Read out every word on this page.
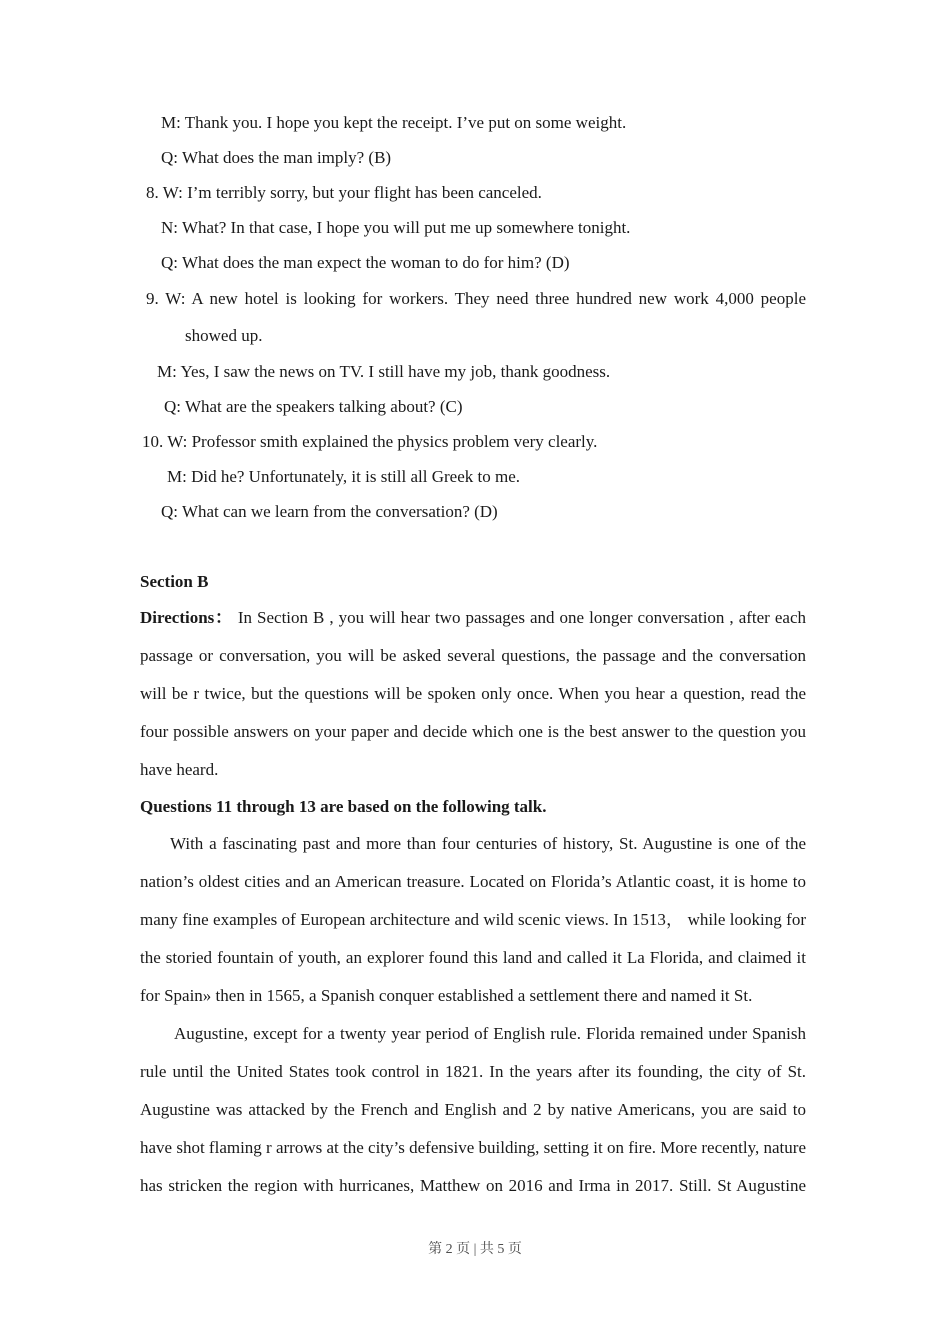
M: Thank you. I hope you kept the receipt. I’ve put on some weight.
Q: What does the man imply? (B)
8. W: I’m terribly sorry, but your flight has been canceled.
N: What? In that case, I hope you will put me up somewhere tonight.
Q: What does the man expect the woman to do for him? (D)
9. W: A new hotel is looking for workers. They need three hundred new work 4,000 people showed up.
M: Yes, I saw the news on TV. I still have my job, thank goodness.
Q: What are the speakers talking about? (C)
10. W: Professor smith explained the physics problem very clearly.
M: Did he? Unfortunately, it is still all Greek to me.
Q: What can we learn from the conversation? (D)
Section B

Directions： In Section B , you will hear two passages and one longer conversation , after each passage or conversation, you will be asked several questions, the passage and the conversation will be r twice, but the questions will be spoken only once. When you hear a question, read the four possible answers on your paper and decide which one is the best answer to the question you have heard.

Questions 11 through 13 are based on the following talk.

With a fascinating past and more than four centuries of history, St. Augustine is one of the nation’s oldest cities and an American treasure. Located on Florida’s Atlantic coast, it is home to many fine examples of European architecture and wild scenic views. In 1513， while looking for the storied fountain of youth, an explorer found this land and called it La Florida, and claimed it for Spain» then in 1565, a Spanish conquer established a settlement there and named it St.

Augustine, except for a twenty year period of English rule. Florida remained under Spanish rule until the United States took control in 1821. In the years after its founding, the city of St. Augustine was attacked by the French and English and 2 by native Americans, you are said to have shot flaming r arrows at the city’s defensive building, setting it on fire. More recently, nature has stricken the region with hurricanes, Matthew on 2016 and Irma in 2017. Still. St Augustine

第 2 页 | 共 5 页
